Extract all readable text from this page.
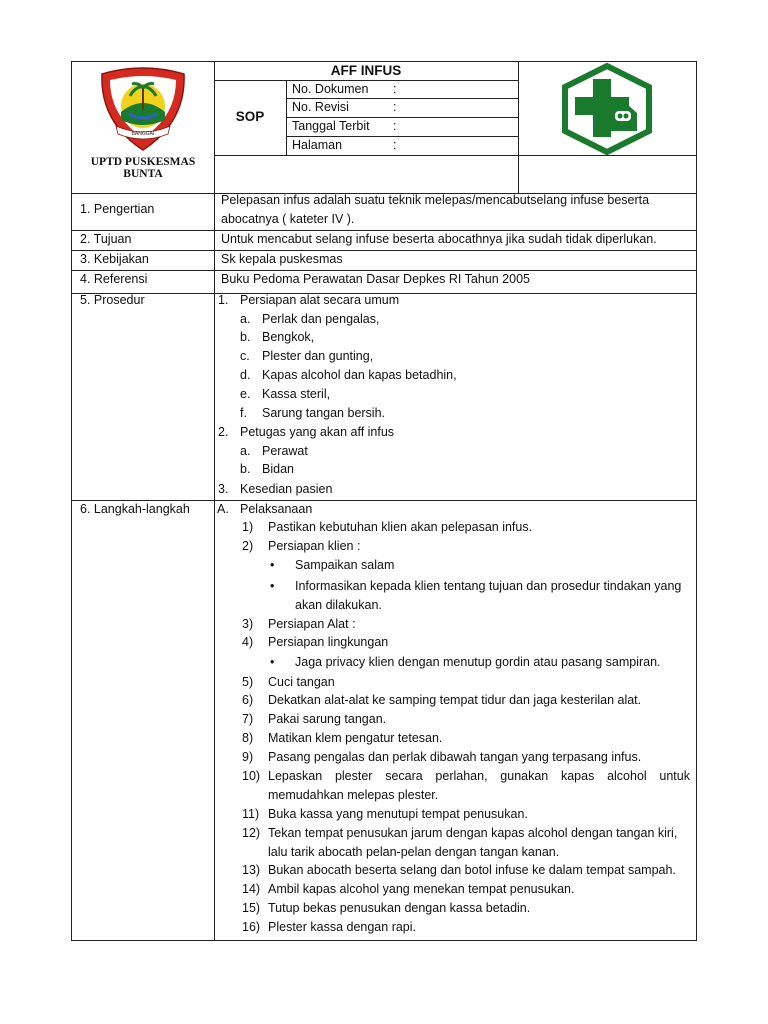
BANGGAI
UPTD PUSKESMAS
BUNTA
AFF INFUS
SOP
No. Dokumen :
No. Revisi	:
Tanggal Terbit :
Halaman	:
1. Pengertian
Pelepasan infus adalah suatu teknik melepas/mencabutselang infuse beserta
abocatnya ( kateter IV ).
2. Tujuan	Untuk mencabut selang infuse beserta abocathnya jika sudah tidak diperlukan.
3. Kebijakan	Sk kepala puskesmas
4. Referensi	Buku Pedoma Perawatan Dasar Depkes RI Tahun 2005
5. Prosedur	1. Persiapan alat secara umum
a. Perlak dan pengalas,
b. Bengkok,
c. Plester dan gunting,
d. Kapas alcohol dan kapas betadhin,
e. Kassa steril,
f. Sarung tangan bersih.
2. Petugas yang akan aff infus
a. Perawat
b. Bidan
3. Kesedian pasien
6. Langkah-langkah A. Pelaksanaan
1) Pastikan kebutuhan klien akan pelepasan infus.
2) Persiapan klien :
• Sampaikan salam
• Informasikan kepada klien tentang tujuan dan prosedur tindakan yang
akan dilakukan.
3) Persiapan Alat :
4) Persiapan lingkungan
• Jaga privacy klien dengan menutup gordin atau pasang sampiran.
5) Cuci tangan
6) Dekatkan alat-alat ke samping tempat tidur dan jaga kesterilan alat.
7) Pakai sarung tangan.
8) Matikan klem pengatur tetesan.
9) Pasang pengalas dan perlak dibawah tangan yang terpasang infus.
10) Lepaskan plester secara perlahan, gunakan kapas alcohol untuk
memudahkan melepas plester.
11) Buka kassa yang menutupi tempat penusukan.
12) Tekan tempat penusukan jarum dengan kapas alcohol dengan tangan kiri,
lalu tarik abocath pelan-pelan dengan tangan kanan.
13) Bukan abocath beserta selang dan botol infuse ke dalam tempat sampah.
14) Ambil kapas alcohol yang menekan tempat penusukan.
15) Tutup bekas penusukan dengan kassa betadin.
16) Plester kassa dengan rapi.
